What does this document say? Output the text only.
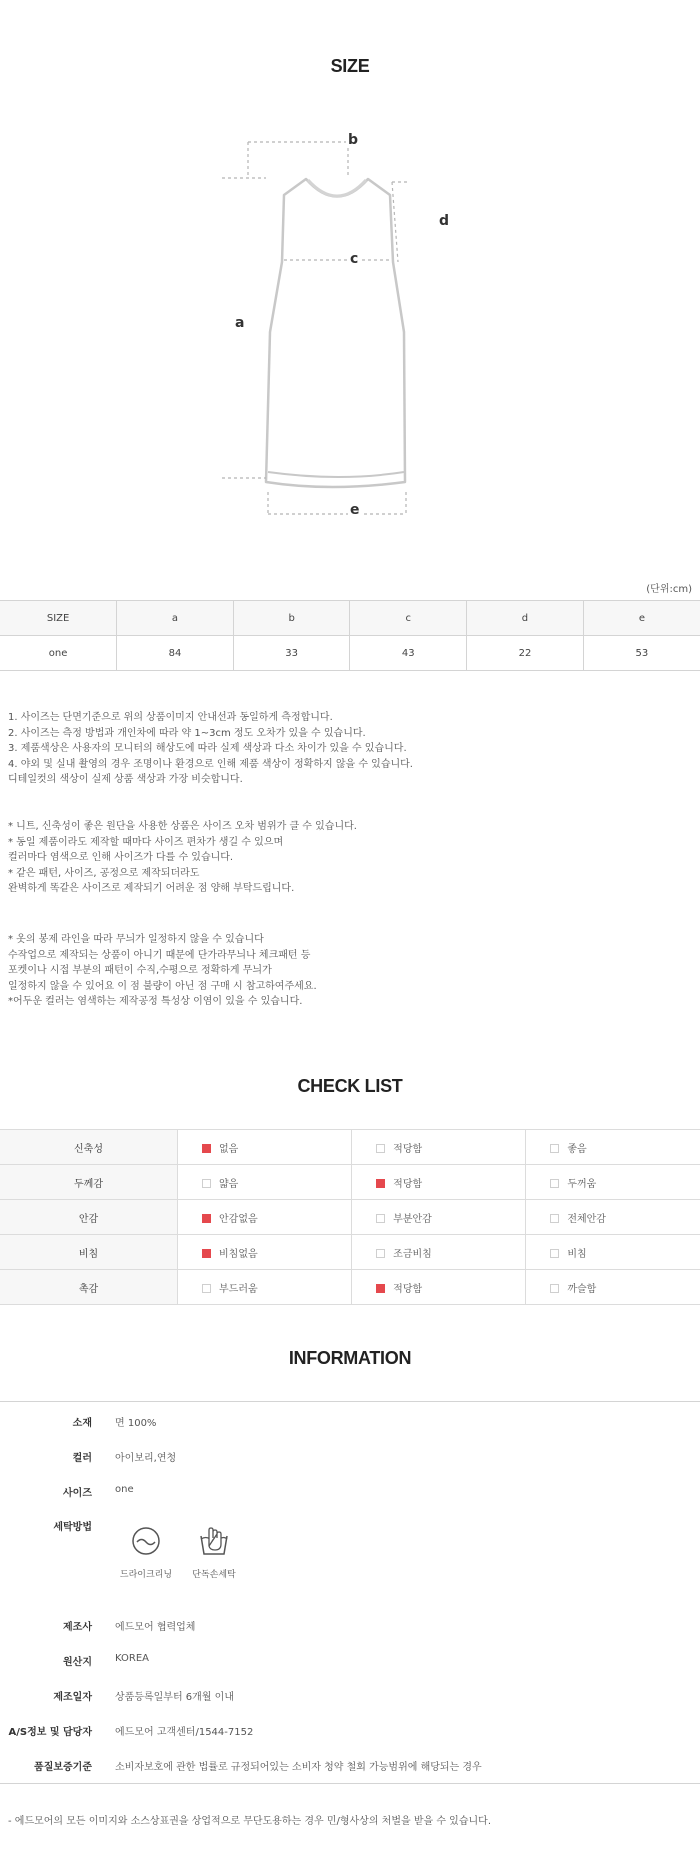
SIZE
b
a
c
d
e
(단위:cm)
SIZE	a	b	c	d	e
one	84	33	43	22	53
1. 사이즈는 단면기준으로 위의 상품이미지 안내선과 동일하게 측정합니다.
2. 사이즈는 측정 방법과 개인차에 따라 약 1~3cm 정도 오차가 있을 수 있습니다.
3. 제품색상은 사용자의 모니터의 해상도에 따라 실제 색상과 다소 차이가 있을 수 있습니다.
4. 야외 및 실내 촬영의 경우 조명이나 환경으로 인해 제품 색상이 정확하지 않을 수 있습니다.
디테일컷의 색상이 실제 상품 색상과 가장 비슷합니다.
* 니트, 신축성이 좋은 원단을 사용한 상품은 사이즈 오차 범위가 클 수 있습니다.
* 동일 제품이라도 제작할 때마다 사이즈 편차가 생길 수 있으며
컬러마다 염색으로 인해 사이즈가 다를 수 있습니다.
* 같은 패턴, 사이즈, 공정으로 제작되더라도
완벽하게 똑같은 사이즈로 제작되기 어려운 점 양해 부탁드립니다.
* 옷의 봉제 라인을 따라 무늬가 일정하지 않을 수 있습니다
수작업으로 제작되는 상품이 아니기 때문에 단가라무늬나 체크패턴 등
포켓이나 시접 부분의 패턴이 수직,수평으로 정확하게 무늬가
일정하지 않을 수 있어요 이 점 불량이 아닌 점 구매 시 참고하여주세요.
*어두운 컬러는 염색하는 제작공정 특성상 이염이 있을 수 있습니다.
CHECK LIST
신축성	없음	적당함	좋음
두께감	얇음	적당함	두꺼움
안감	안감없음	부분안감	전체안감
비침	비침없음	조금비침	비침
촉감	부드러움	적당함	까슬함
INFORMATION
소재 면 100%
컬러 아이보리,연청
사이즈 one
세탁방법
드라이크리닝	단독손세탁
제조사 에드모어 협력업체
원산지 KOREA
제조일자 상품등록일부터 6개월 이내
A/S정보 및 담당자 에드모어 고객센터/1544-7152
품질보증기준 소비자보호에 관한 법률로 규정되어있는 소비자 청약 철회 가능범위에 해당되는 경우
- 에드모어의 모든 이미지와 소스상표권을 상업적으로 무단도용하는 경우 민/형사상의 처벌을 받을 수 있습니다.
